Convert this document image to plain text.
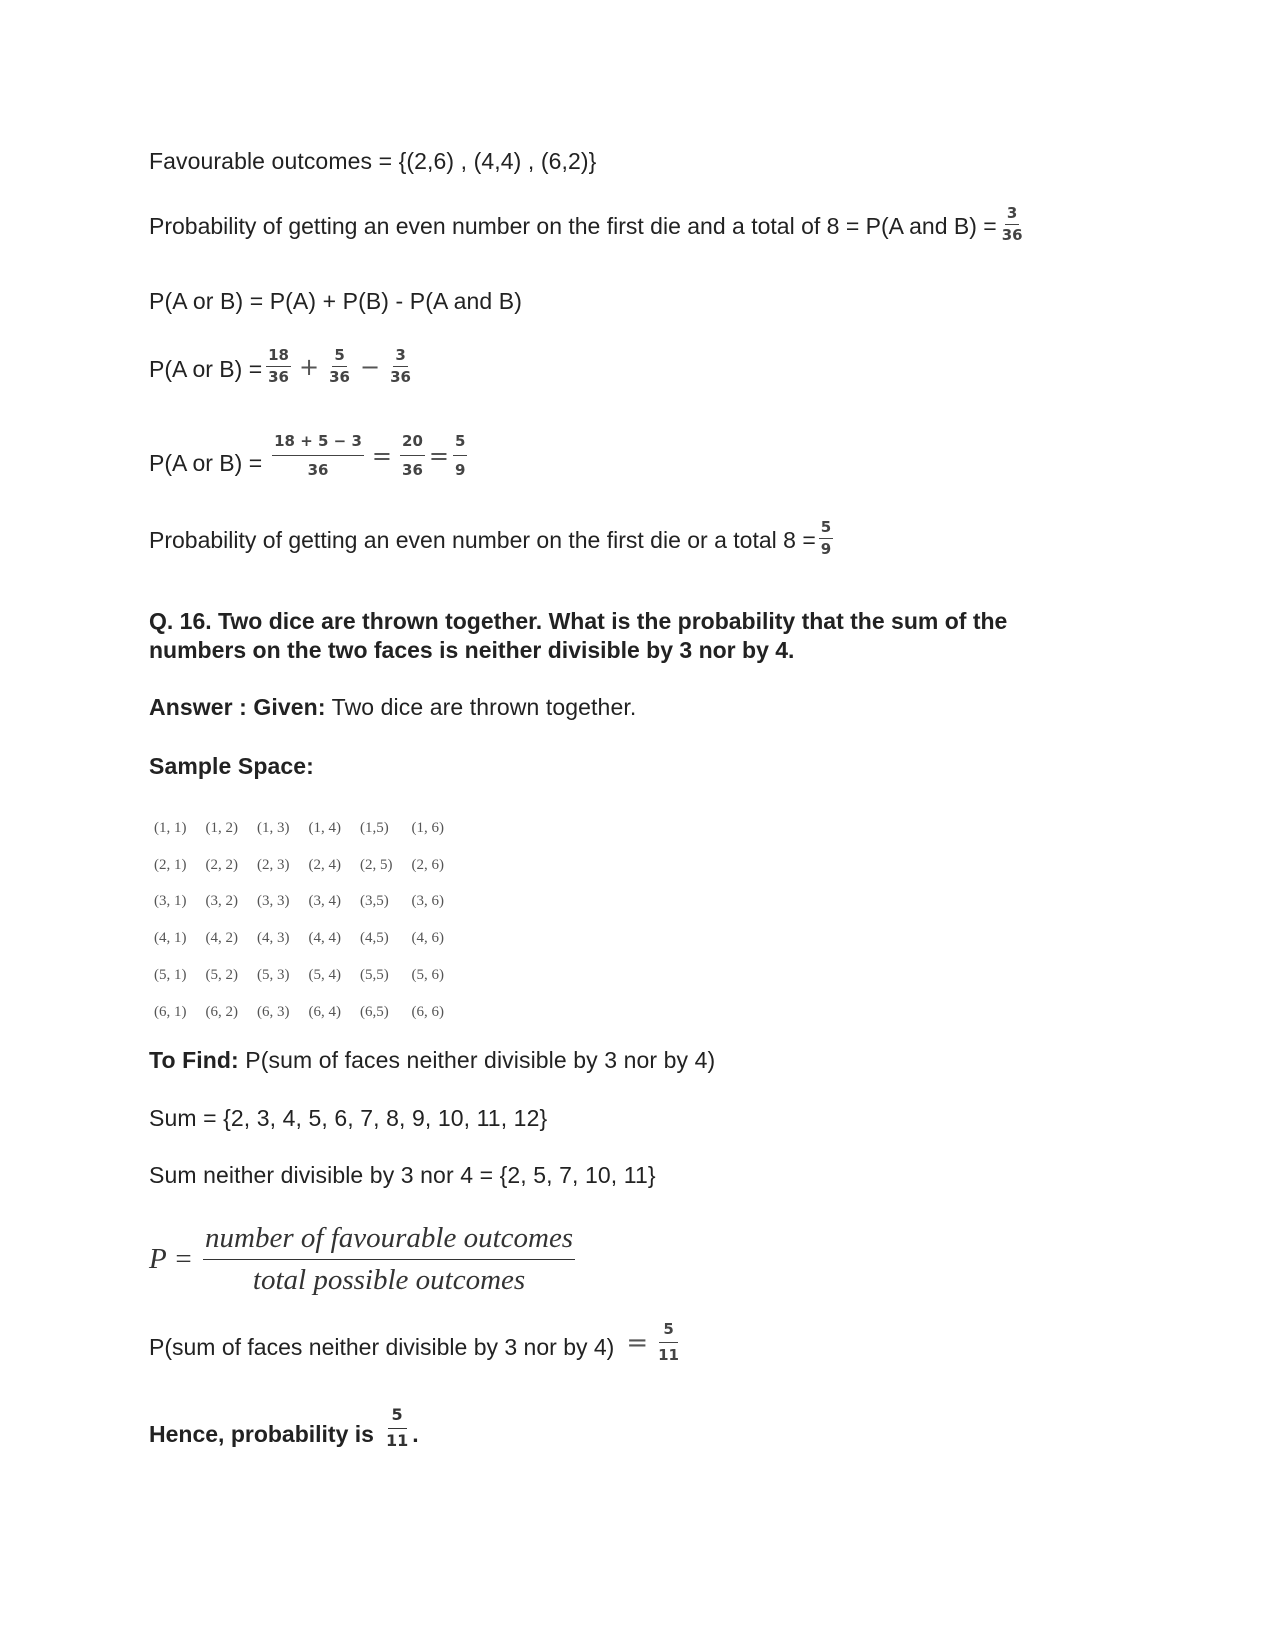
Favourable outcomes = {(2,6) , (4,4) , (6,2)}
Probability of getting an even number on the first die and a total of 8 = P(A and $B) = \frac{3}{36}$
P(A or B) = P(A) + P(B) - P(A and B)
P(A or $B) = \frac{18}{36} + \frac{5}{36} - \frac{3}{36}$
P(A or $B) = \frac{18 + 5 - 3}{36} = \frac{20}{36} = \frac{5}{9}$
Probability of getting an even number on the first die or a total $8 = \frac{5}{9}$
Q. 16. Two dice are thrown together. What is the probability that the sum of the numbers on the two faces is neither divisible by 3 nor by 4.
Answer : Given: Two dice are thrown together.
Sample Space:
(1, 1)	(1, 2)	(1, 3)	(1, 4)	(1,5)	(1, 6)
(2, 1)	(2, 2)	(2, 3)	(2, 4)	(2, 5)	(2, 6)
(3, 1)	(3, 2)	(3, 3)	(3, 4)	(3,5)	(3, 6)
(4, 1)	(4, 2)	(4, 3)	(4, 4)	(4,5)	(4, 6)
(5, 1)	(5, 2)	(5, 3)	(5, 4)	(5,5)	(5, 6)
(6, 1)	(6, 2)	(6, 3)	(6, 4)	(6,5)	(6, 6)
To Find: P(sum of faces neither divisible by 3 nor by 4)
Sum = {2, 3, 4, 5, 6, 7, 8, 9, 10, 11, 12}
Sum neither divisible by 3 nor 4 = {2, 5, 7, 10, 11}
P =
number of favourable outcomes
total possible outcomes
P(sum of faces neither divisible by 3 nor by $4) = \frac{5}{11}$
Hence, probability is $\frac{5}{11}$ .
